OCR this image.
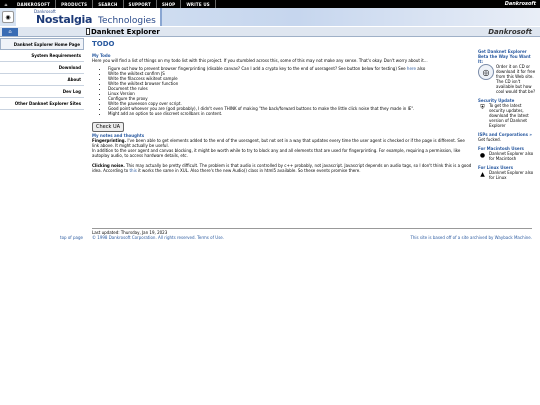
⌂	DANKROSOFT	PRODUCTS	SEARCH	SUPPORT	SHOP	WRITE US	Dankrosoft
◉
Dankrosoft
Nostalgia Technologies
⌂	Danknet Explorer	Dankrosoft
Danknet Explorer Home Page
System Requirements
Download
About
Dev Log
Other Danknet Explorer Sites
TODO
My Todo

Here you will find a list of things on my todo list with this project. If you stumbled across this, some of this may not make any sense. That's okay. Don't worry about it...

• Figure out how to prevent browser fingerprinting (disable canvas? Can I add a crypto key to the end of useragent? See button below for testing) See here also
• Write the wikitext confirm JS
• Write the filaccess wikitext sample
• Write the wikitext browser function
• Document the rules
• Linux Version
• Configure the proxy
• Write the paveeson copy over script.
• Good point whoever you are (god probably), I didn't even THINK of making "the back/forward buttons to make the little click noise that they made in IE".
• Might add an option to use discreet scrollbars in content.
Check UA
My notes and thoughts

Fingerprinting. I've been able to get elements added to the end of the useragent, but not set in a way that updates every time the user agent is checked or if the page is different. See link above. It might actually be useful.

In addition to the user agent and canvas blocking, it might be worth while to try to block any and all elements that are used for fingerprinting. For example, requiring a permission, like autoplay audio, to access hardware details, etc.

Clicking noise. This may actually be pretty difficult. The problem is that audio is controlled by c++ probably, not javascript. Javascript depends on audio tags, so I don't think this is a good idea. According to this it works the same in XUL. Also there's the new Audio() class in html5 available. So these events promise there.

Get Danknet Explorer Beta the Way You Want It:
◎
Order it on CD or download it for free from this Web site. The CD isn't available but how cool would that be?
Security Update
⛨	To get the latest security updates, download the latest version of Danknet Explorer
ISPs and Corporations »
Get fucked.
For Macintosh Users
● Danknet Explorer also for Macintosh
For Linux Users
▲	Danknet Explorer also for Linux
Last updated: Thursday, Jan 19, 2023
top of page © 1998 Dankrosoft Corporation. All rights reserved. Terms of Use.	This site is based off of a site archived by Wayback Machine.
